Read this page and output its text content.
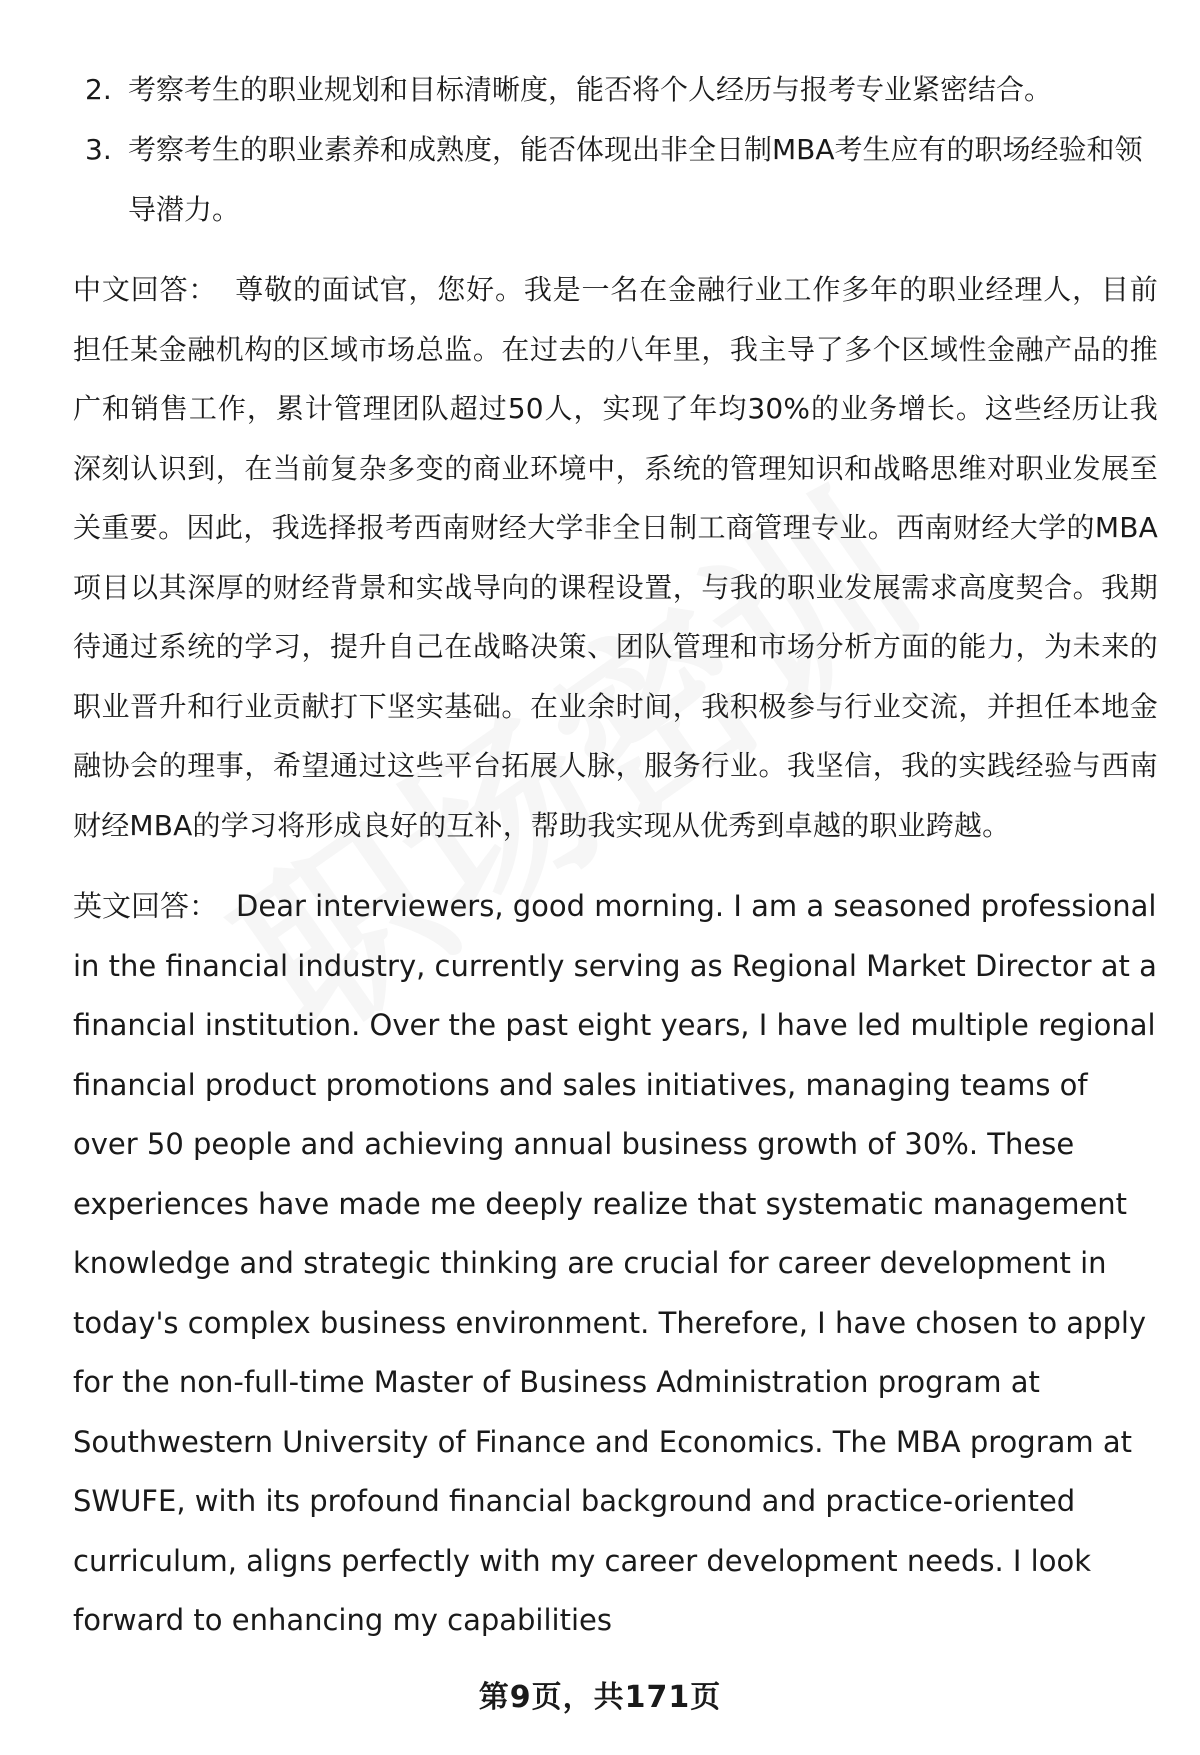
2. 考察考生的职业规划和目标清晰度，能否将个人经历与报考专业紧密结合。
3. 考察考生的职业素养和成熟度，能否体现出非全日制MBA考生应有的职场经验和领导潜力。

中文回答： 尊敬的面试官，您好。我是一名在金融行业工作多年的职业经理人，目前担任某金融机构的区域市场总监。在过去的八年里，我主导了多个区域性金融产品的推广和销售工作，累计管理团队超过50人，实现了年均30%的业务增长。这些经历让我深刻认识到，在当前复杂多变的商业环境中，系统的管理知识和战略思维对职业发展至关重要。因此，我选择报考西南财经大学非全日制工商管理专业。西南财经大学的MBA项目以其深厚的财经背景和实战导向的课程设置，与我的职业发展需求高度契合。我期待通过系统的学习，提升自己在战略决策、团队管理和市场分析方面的能力，为未来的职业晋升和行业贡献打下坚实基础。在业余时间，我积极参与行业交流，并担任本地金融协会的理事，希望通过这些平台拓展人脉，服务行业。我坚信，我的实践经验与西南财经MBA的学习将形成良好的互补，帮助我实现从优秀到卓越的职业跨越。

英文回答： Dear interviewers, good morning. I am a seasoned professional in the financial industry, currently serving as Regional Market Director at a financial institution. Over the past eight years, I have led multiple regional financial product promotions and sales initiatives, managing teams of over 50 people and achieving annual business growth of 30%. These experiences have made me deeply realize that systematic management knowledge and strategic thinking are crucial for career development in today's complex business environment. Therefore, I have chosen to apply for the non-full-time Master of Business Administration program at Southwestern University of Finance and Economics. The MBA program at SWUFE, with its profound financial background and practice-oriented curriculum, aligns perfectly with my career development needs. I look forward to enhancing my capabilities

第9页，共171页
